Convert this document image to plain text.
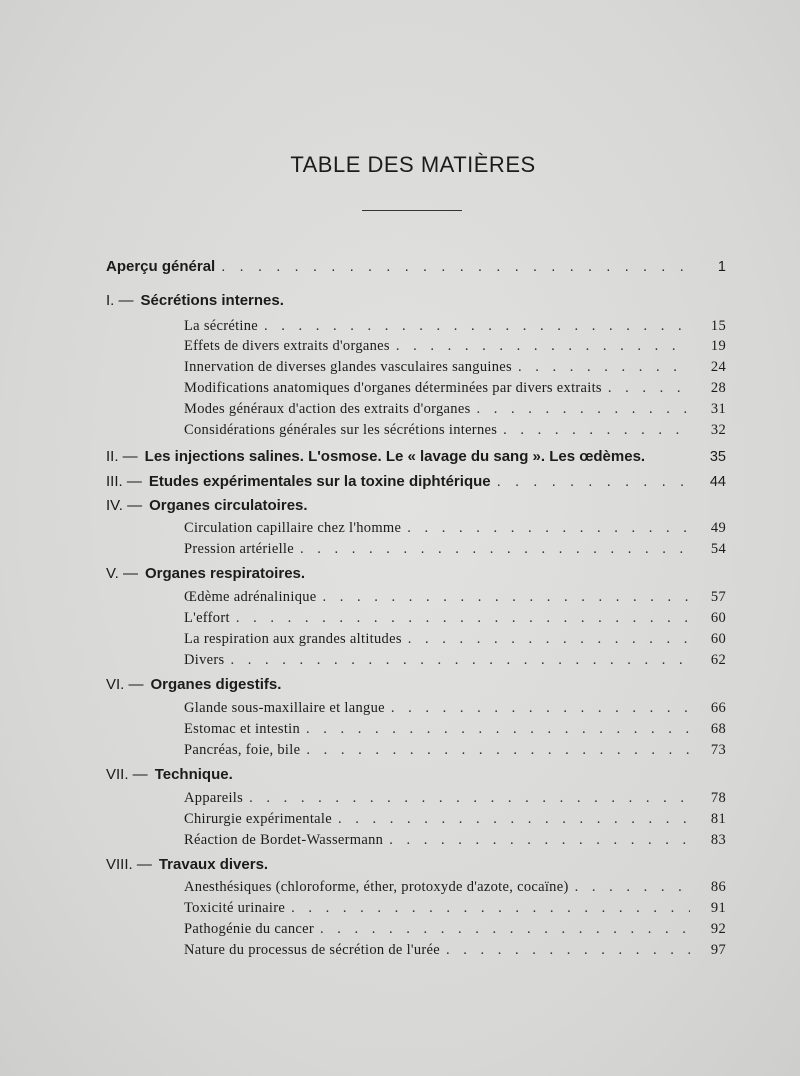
TABLE DES MATIÈRES
Aperçu général . . .	1
I. — Sécrétions internes.
La sécrétine . . .	15
Effets de divers extraits d'organes . . .	19
Innervation de diverses glandes vasculaires sanguines . . .	24
Modifications anatomiques d'organes déterminées par divers extraits . . .	28
Modes généraux d'action des extraits d'organes . . .	31
Considérations générales sur les sécrétions internes . . .	32
II. — Les injections salines. L'osmose. Le « lavage du sang ». Les œdèmes.	35
III. — Etudes expérimentales sur la toxine diphtérique . . .	44
IV. — Organes circulatoires.
Circulation capillaire chez l'homme . . .	49
Pression artérielle . . .	54
V. — Organes respiratoires.
Œdème adrénalinique . . .	57
L'effort . . .	60
La respiration aux grandes altitudes . . .	60
Divers . . .	62
VI. — Organes digestifs.
Glande sous-maxillaire et langue . . .	66
Estomac et intestin . . .	68
Pancréas, foie, bile . . .	73
VII. — Technique.
Appareils . . .	78
Chirurgie expérimentale . . .	81
Réaction de Bordet-Wassermann . . .	83
VIII. — Travaux divers.
Anesthésiques (chloroforme, éther, protoxyde d'azote, cocaïne) . . .	86
Toxicité urinaire . . .	91
Pathogénie du cancer . . .	92
Nature du processus de sécrétion de l'urée . . .	97
